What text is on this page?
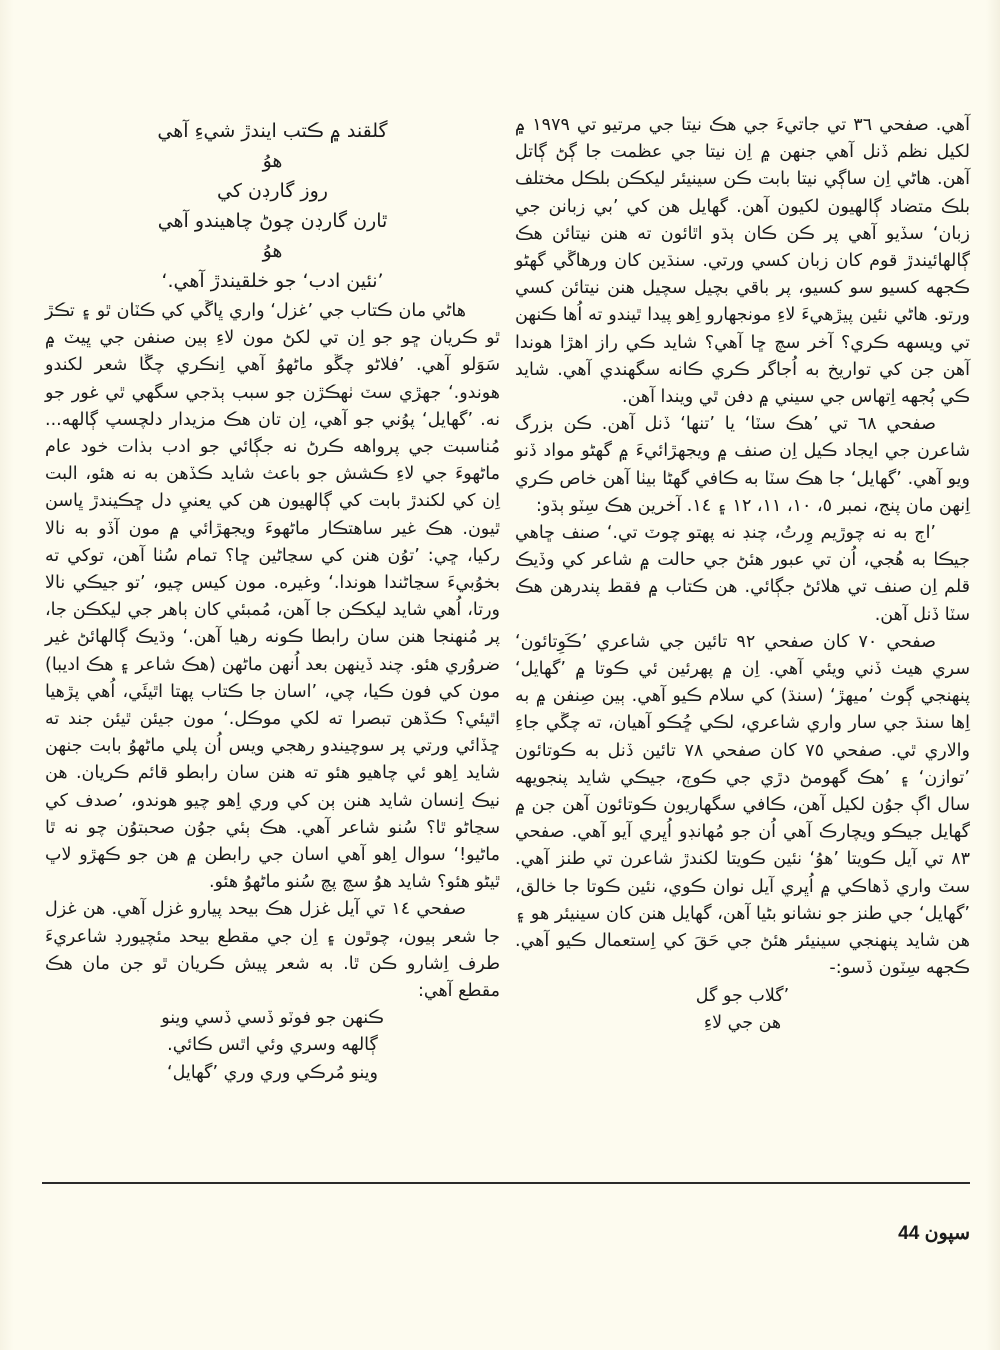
آهي. صفحي ٣٦ تي جاتيءَ جي هڪ نيتا جي مرتيو تي ١٩٧٩ ۾ لکيل نظم ڏنل آهي جنهن ۾ اِن نيتا جي عظمت جا ڳڻ ڳاتل آهن. هاڻي اِن ساڳي نيتا بابت ڪن سينيئر ليکڪن بلڪل مختلف بلڪ متضاد ڳالهيون لکيون آهن. گهايل هن کي ’بي زبانن جي زبان‘ سڏيو آهي پر ڪن ڪان ٻڌو اٿائون ته هنن نيتائن هڪ ڳالهائيندڙ قوم کان زبان کسي ورتي. سنڌين کان ورهاڱي گهڻو ڪجهه کسيو سو کسيو، پر باقي بچيل سچيل هنن نيتائن کسي ورتو. هاڻي نئين پيڙهيءَ لاءِ مونجهارو اِهو پيدا ٿيندو ته اُها ڪنهن تي ويسهه ڪري؟ آخر سچ ڇا آهي؟ شايد ڪي راز اهڙا هوندا آهن جن کي تواريخ به اُجاگر ڪري ڪانه سگهندي آهي. شايد ڪي ٻُجهه اِتهاس جي سيني ۾ دفن ٿي ويندا آهن.

صفحي ٦٨ تي ’هڪ سٽا‘ يا ’تنها‘ ڏنل آهن. ڪن بزرگ شاعرن جي ايجاد ڪيل اِن صنف ۾ ويجهڙائيءَ ۾ گهڻو مواد ڏنو ويو آهي. ’گهايل‘ جا هڪ سٽا به ڪافي گهڻا بيٺا آهن خاص ڪري اِنهن مان پنج، نمبر ٥، ١٠، ١١، ١٢ ۽ ١٤. آخرين هڪ سِٽو ٻڌو:

’اڄ به نه چوڙيم وِرتُ، چنڊ نه پهتو چوٽ تي.‘ صنف ڇاهي جيڪا به هُجي، اُن تي عبور هئڻ جي حالت ۾ شاعر کي وڏيڪ قلم اِن صنف تي هلائڻ جڳائي. هن ڪتاب ۾ فقط پندرهن هڪ سٽا ڏنل آهن.

صفحي ٧٠ کان صفحي ٩٢ تائين جي شاعري ’ڪَوِتائون‘ سري هيٺ ڏني ويئي آهي. اِن ۾ پهرئين ئي ڪوتا ۾ ’گهايل‘ پنهنجي ڳوٺ ’ميهڙ‘ (سنڌ) کي سلام ڪيو آهي. ٻين صِنفن ۾ به اِها سنڌ جي سار واري شاعري، لڪي ڇُڪو آهيان، ته چڱي جاءِ والاري ٿي. صفحي ٧٥ کان صفحي ٧٨ تائين ڏنل به ڪوتائون ’توازن‘ ۽ ’هڪ گهومڻ دڙي جي ڪوڄ، جيڪي شايد پنجويهه سال اڳ جوُن لکيل آهن، ڪافي سگهاريون ڪوتائون آهن جن ۾ گهايل جيڪو ويچارڪ آهي اُن جو مُهانڊو اُڀري آيو آهي. صفحي ٨٣ تي آيل ڪويتا ’هوُ‘ نئين ڪويتا لکندڙ شاعرن تي طنز آهي. سٽ واري ڏهاڪي ۾ اُڀري آيل نوان ڪوي، نئين ڪوتا جا خالق، ’گهايل‘ جي طنز جو نشانو بڻيا آهن، گهايل هنن کان سينيئر هو ۽ هن شايد پنهنجي سينيئر هئڻ جي حَقَ کي اِستعمال ڪيو آهي. ڪجهه سِٽون ڏسو:-

’گلاب جو گل

هن جي لاءِ

گلقند ۾ ڪتب ايندڙ شيءِ آهي

هوُ

روز گارڊن کي

ٿارن گارڊن چوڻ چاهيندو آهي

هوُ

’نئين ادب‘ جو خلقيندڙ آهي.‘

هاڻي مان ڪتاب جي ’غزل‘ واري ڀاڱي کي ڪٽان ٿو ۽ تڪڙ ٿو ڪريان ڇو جو اِن تي لکڻ مون لاءِ ٻين صنفن جي ڀيٽ ۾ سَوَلو آهي. ’فلاڻو چڱو ماڻهوُ آهي اِنڪري چڱا شعر لکندو هوندو.‘ جهڙي سٽ ٺهڪڙن جو سبب ٻڌجي سگهي ٿي غور جو نه. ’گهايل‘ پوُني جو آهي، اِن تان هڪ مزيدار دلچسپ ڳالهه... مُناسبت جي پرواهه ڪرڻ نه جڳائي جو ادب بذات خود عام ماڻهوءَ جي لاءِ ڪشش جو باعث شايد ڪڏهن به نه هئو، البت اِن کي لکندڙ بابت کي ڳالهيون هن کي يعنيِ دل ڇڪيندڙ ڀاسن ٿيون. هڪ غير ساهتڪار ماڻهوءَ ويجهڙائي ۾ مون آڏو به نالا رکيا، ڇي: ’توُن هنن کي سڃاڻين ڇا؟ تمام سُٺا آهن، توکي ته بخوُبيءَ سڃاڻندا هوندا.‘ وغيره. مون کيس چيو، ’تو جيڪي نالا ورتا، اُهي شايد ليکڪن جا آهن، مُمبئي کان ٻاهر جي ليکڪن جا، پر مُنهنجا هنن سان رابطا ڪونه رهيا آهن.‘ وڌيڪ ڳالهائڻ غير ضروُري هئو. چند ڏينهن بعد اُنهن ماڻهن (هڪ شاعر ۽ هڪ اديبا) مون کي فون ڪيا، چي، ’اسان جا ڪتاب پهتا اٿيئَي، اُهي پڙهيا اٿيئي؟ ڪڏهن تبصرا ته لکي موڪل.‘ مون جيئن ٿيئن جند ته ڇڏائي ورتي پر سوچيندو رهجي ويس اُن پلي ماڻهوُ بابت جنهن شايد اِهو ئي چاهيو هئو ته هنن سان رابطو قائم ڪريان. هن نيڪ اِنسان شايد هنن ٻن کي وري اِهو چيو هوندو، ’صدف کي سڃاڻو ٿا؟ سُنو شاعر آهي. هڪ ٻئي جوُن صحبتوُن چو نه ٿا ماڻيو!‘ سوال اِهو آهي اسان جي رابطن ۾ هن جو ڪهڙو لاڀ ٿيڻو هئو؟ شايد هوُ سچ پچ سُنو ماڻهوُ هئو.

صفحي ١٤ تي آيل غزل هڪ بيحد پيارو غزل آهي. هن غزل جا شعر ٻيون، چوٿون ۽ اِن جي مقطع بيحد مئچيورڊ شاعريءَ طرف اِشارو ڪن ٿا. به شعر پيش ڪريان ٿو جن مان هڪ مقطع آهي:

ڪنهن جو فوٽو ڏسي ڏسي وينو

ڳالهه وسري وئي اٿس ڪائي.

وينو مُرڪي وري وري ’گهايل‘

سپون 44
